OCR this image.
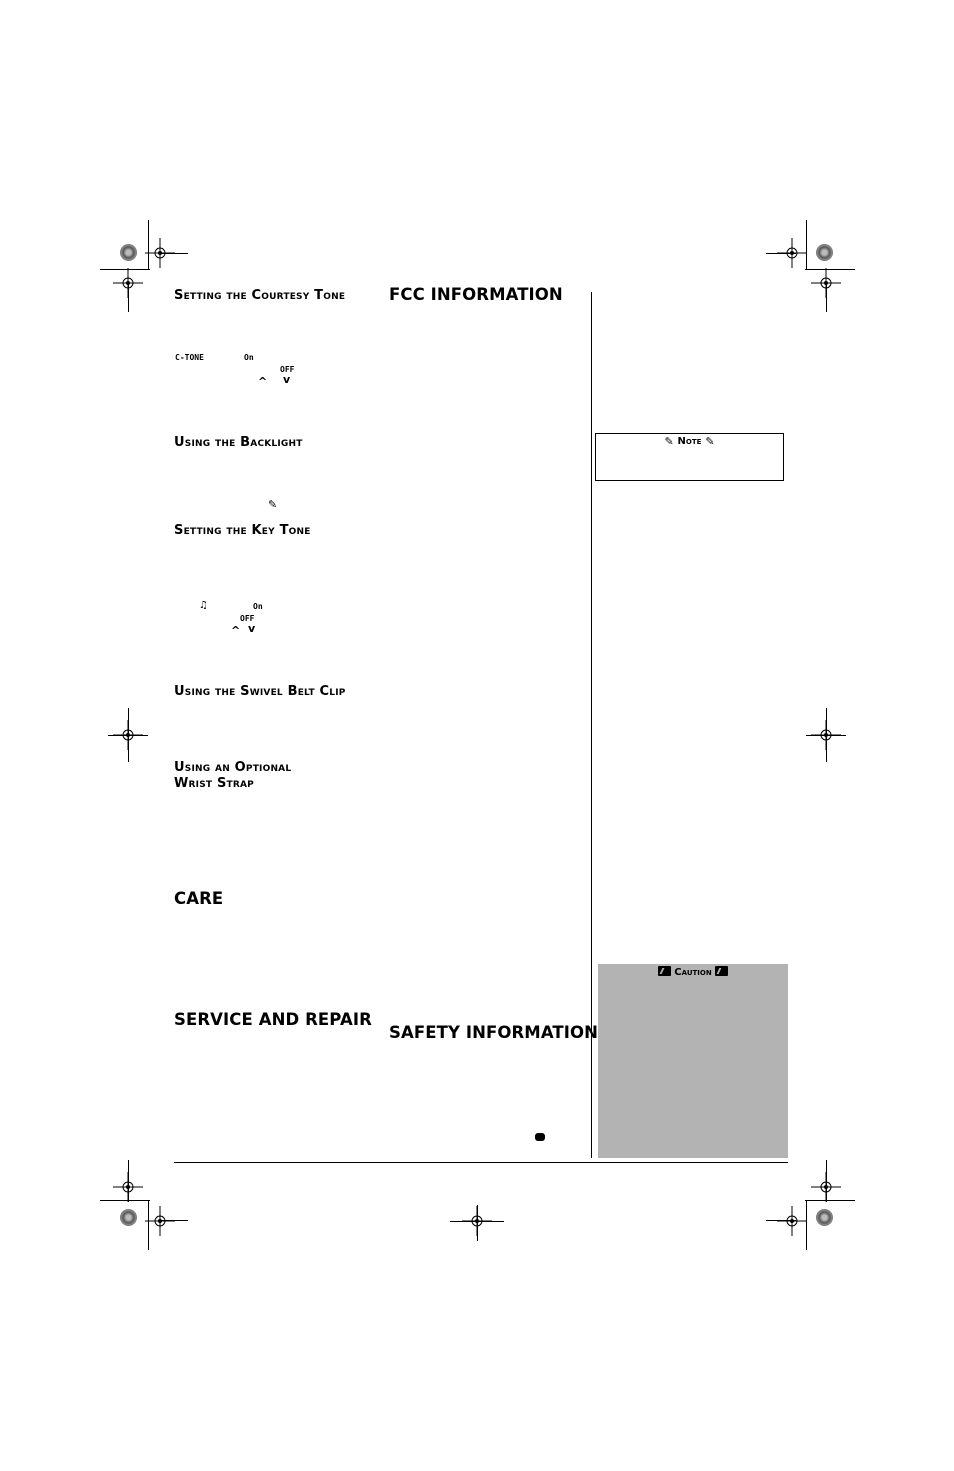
Setting the Courtesy Tone
C-TONE	On
OFF
^ v
Using the Backlight
✎
Setting the Key Tone
♫	On
OFF
^ v
Using the Swivel Belt Clip
Using an Optional
Wrist Strap
CARE
SERVICE AND REPAIR
FCC INFORMATION
SAFETY INFORMATION
✎ Note ✎
Caution
